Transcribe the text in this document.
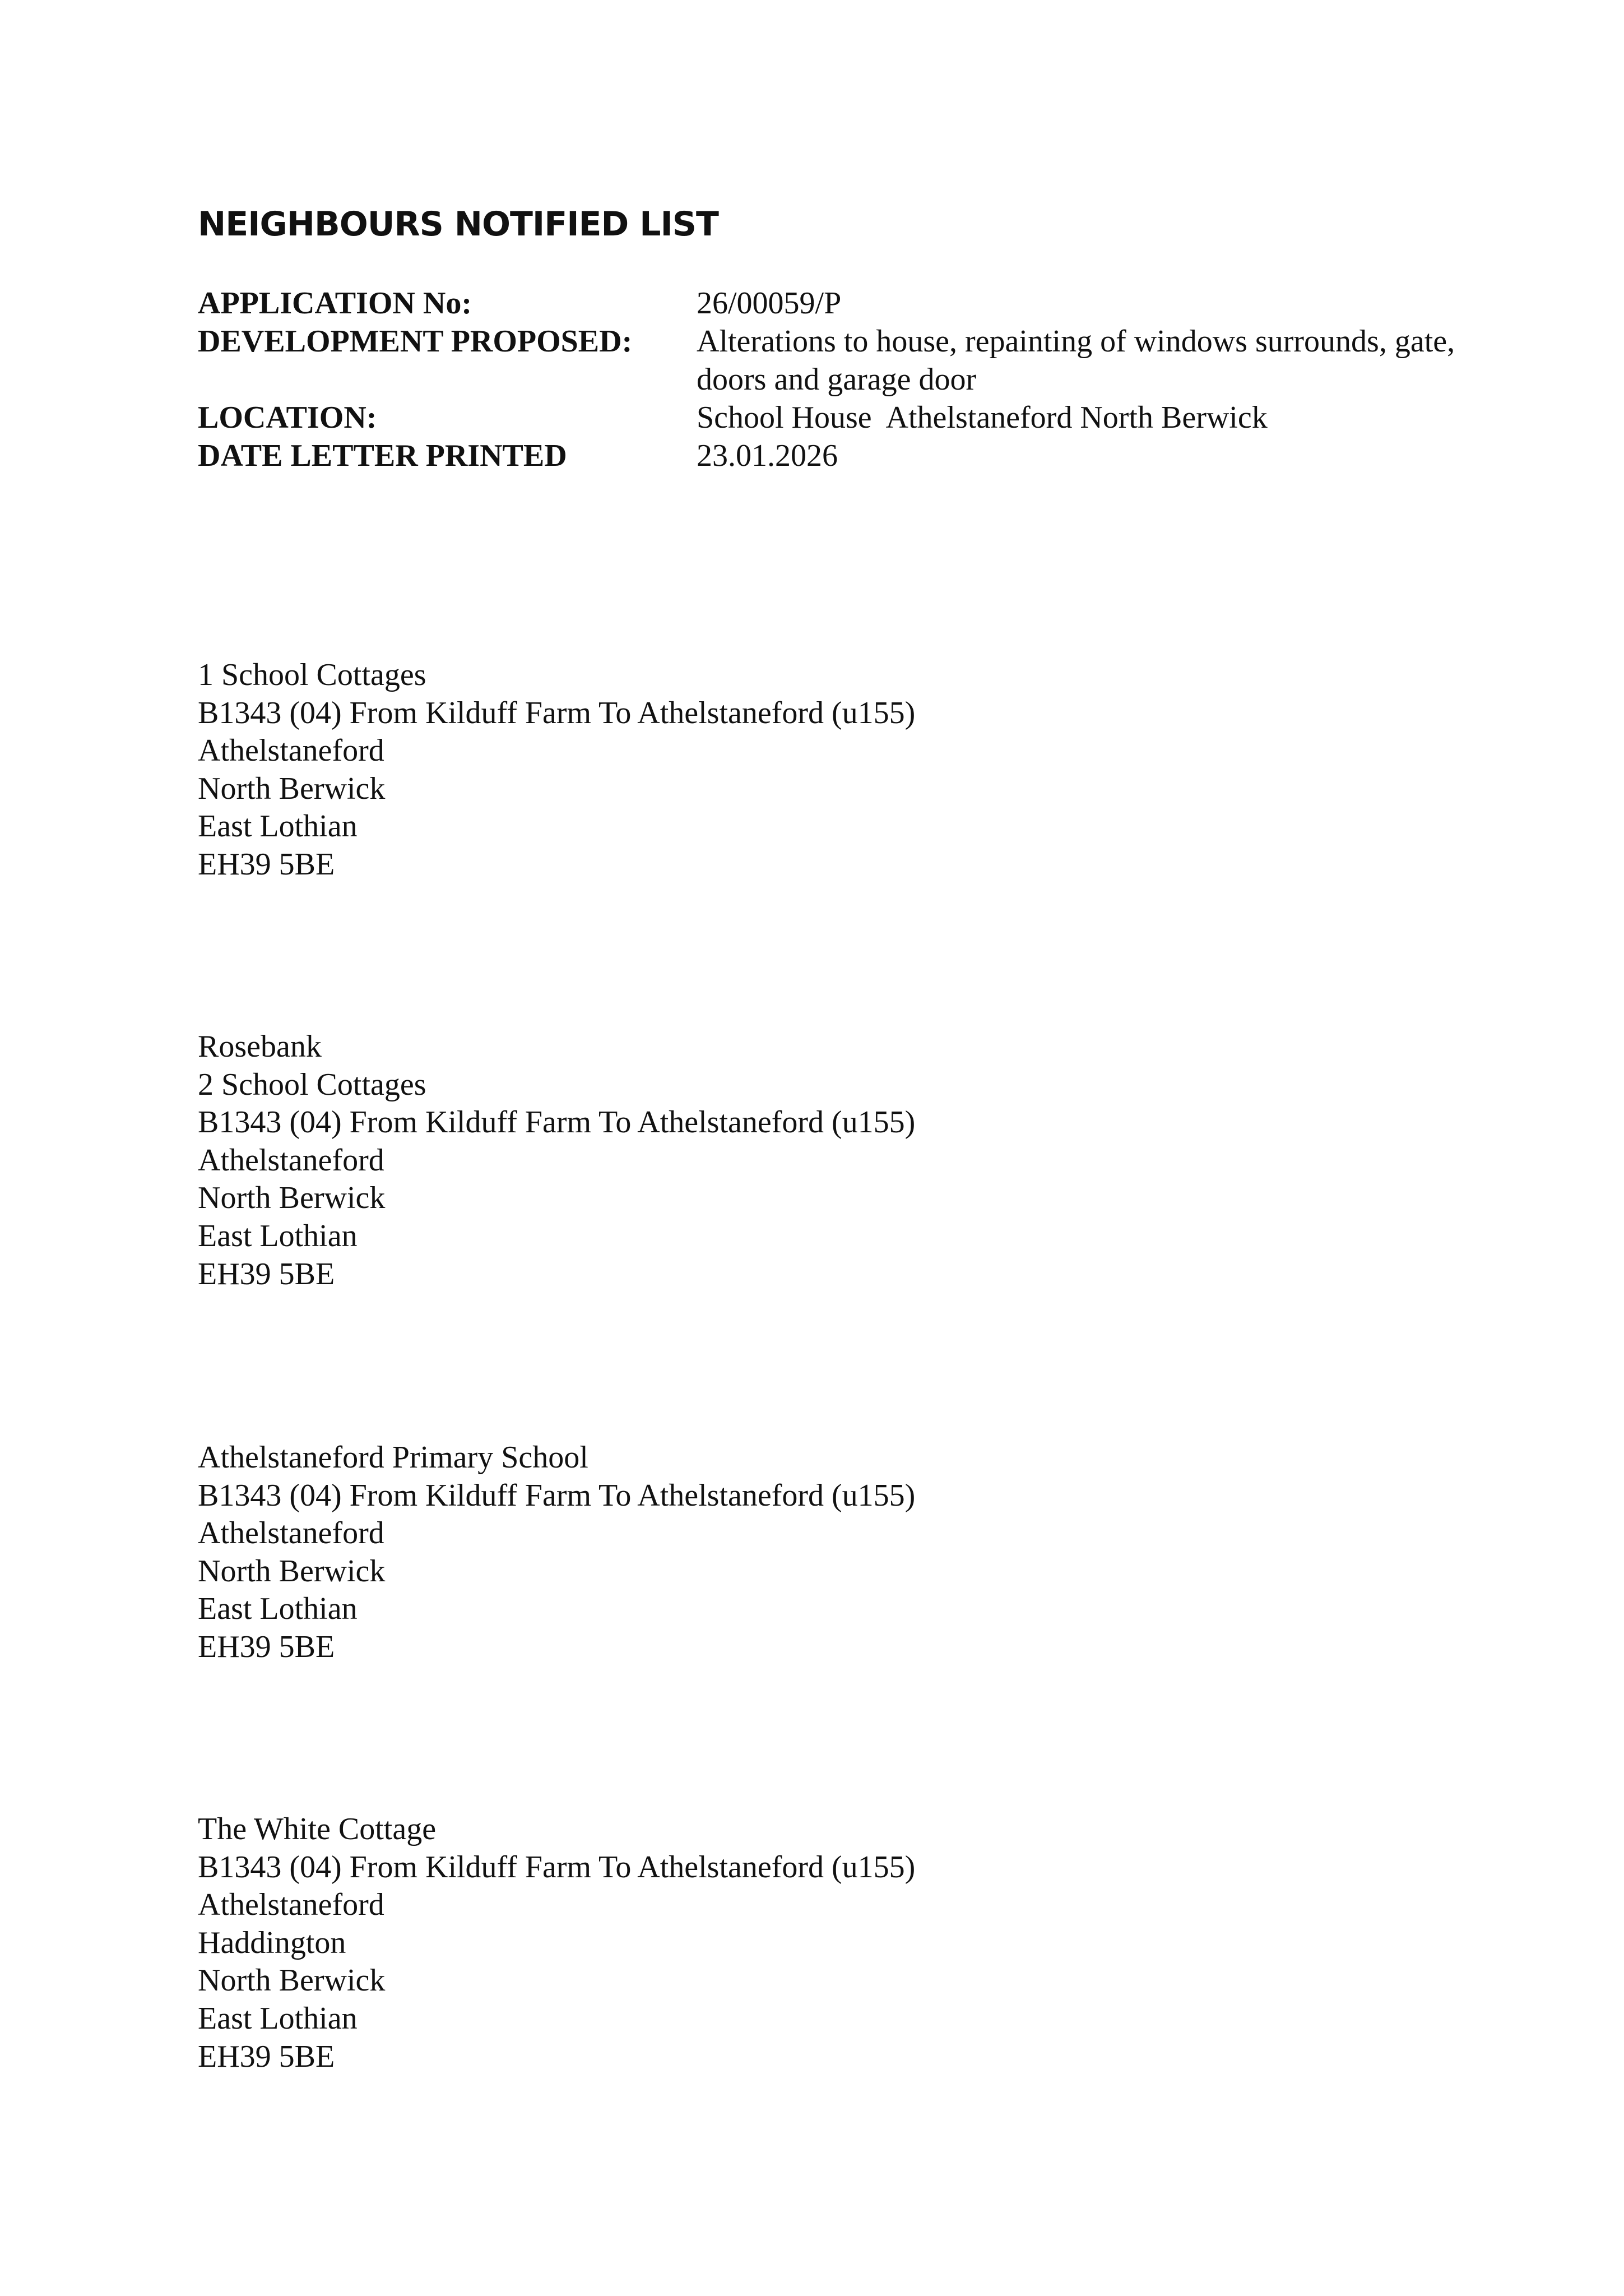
NEIGHBOURS NOTIFIED LIST
APPLICATION No:	26/00059/P
DEVELOPMENT PROPOSED:	Alterations to house, repainting of windows surrounds, gate, doors and garage door
LOCATION:	School House  Athelstaneford North Berwick
DATE LETTER PRINTED	23.01.2026
1 School Cottages
B1343 (04) From Kilduff Farm To Athelstaneford (u155)
Athelstaneford
North Berwick
East Lothian
EH39 5BE
Rosebank
2 School Cottages
B1343 (04) From Kilduff Farm To Athelstaneford (u155)
Athelstaneford
North Berwick
East Lothian
EH39 5BE
Athelstaneford Primary School
B1343 (04) From Kilduff Farm To Athelstaneford (u155)
Athelstaneford
North Berwick
East Lothian
EH39 5BE
The White Cottage
B1343 (04) From Kilduff Farm To Athelstaneford (u155)
Athelstaneford
Haddington
North Berwick
East Lothian
EH39 5BE
